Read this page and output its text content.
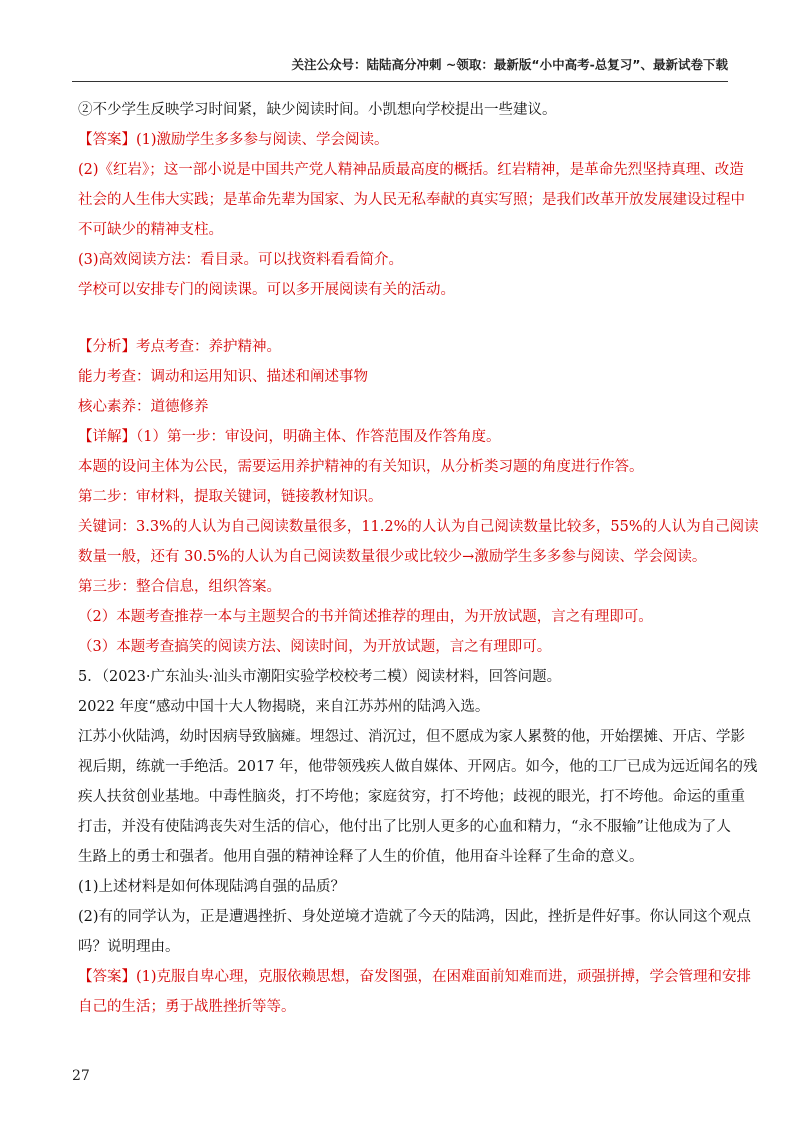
关注公众号：陆陆高分冲刺 ~领取：最新版“小中高考-总复习”、最新试卷下载

②不少学生反映学习时间紧，缺少阅读时间。小凯想向学校提出一些建议。

【答案】(1)激励学生多多参与阅读、学会阅读。

(2)《红岩》；这一部小说是中国共产党人精神品质最高度的概括。红岩精神，是革命先烈坚持真理、改造

社会的人生伟大实践；是革命先辈为国家、为人民无私奉献的真实写照；是我们改革开放发展建设过程中

不可缺少的精神支柱。

(3)高效阅读方法：看目录。可以找资料看看简介。

学校可以安排专门的阅读课。可以多开展阅读有关的活动。

【分析】考点考查：养护精神。

能力考查：调动和运用知识、描述和阐述事物

核心素养：道德修养

【详解】（1）第一步：审设问，明确主体、作答范围及作答角度。

本题的设问主体为公民，需要运用养护精神的有关知识，从分析类习题的角度进行作答。

第二步：审材料，提取关键词，链接教材知识。

关键词：3.3%的人认为自己阅读数量很多，11.2%的人认为自己阅读数量比较多，55%的人认为自己阅读

数量一般，还有 30.5%的人认为自己阅读数量很少或比较少→激励学生多多参与阅读、学会阅读。

第三步：整合信息，组织答案。

（2）本题考查推荐一本与主题契合的书并简述推荐的理由，为开放试题，言之有理即可。

（3）本题考查搞笑的阅读方法、阅读时间，为开放试题，言之有理即可。

5．（2023·广东汕头·汕头市潮阳实验学校校考二模）阅读材料，回答问题。

2022 年度“感动中国十大人物揭晓，来自江苏苏州的陆鸿入选。

江苏小伙陆鸿，幼时因病导致脑瘫。埋怨过、消沉过，但不愿成为家人累赘的他，开始摆摊、开店、学影

视后期，练就一手绝活。2017 年，他带领残疾人做自媒体、开网店。如今，他的工厂已成为远近闻名的残

疾人扶贫创业基地。中毒性脑炎，打不垮他；家庭贫穷，打不垮他；歧视的眼光，打不垮他。命运的重重

打击，并没有使陆鸿丧失对生活的信心，他付出了比别人更多的心血和精力，“永不服输”让他成为了人

生路上的勇士和强者。他用自强的精神诠释了人生的价值，他用奋斗诠释了生命的意义。

(1)上述材料是如何体现陆鸿自强的品质？

(2)有的同学认为，正是遭遇挫折、身处逆境才造就了今天的陆鸿，因此，挫折是件好事。你认同这个观点

吗？说明理由。

【答案】(1)克服自卑心理，克服依赖思想，奋发图强，在困难面前知难而进，顽强拼搏，学会管理和安排

自己的生活；勇于战胜挫折等等。

27
